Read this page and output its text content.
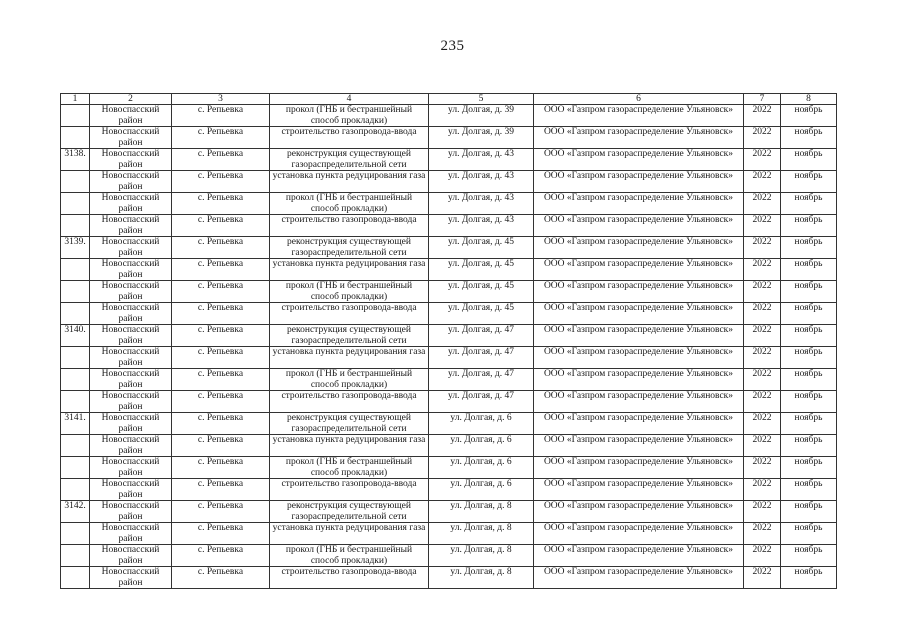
235
1	2	3	4	5	6	7	8
	Новоспасский район	с. Репьевка	прокол (ГНБ и бестраншейный способ прокладки)	ул. Долгая, д. 39	ООО «Газпром газораспределение Ульяновск»	2022	ноябрь
	Новоспасский район	с. Репьевка	строительство газопровода-ввода	ул. Долгая, д. 39	ООО «Газпром газораспределение Ульяновск»	2022	ноябрь
3138.	Новоспасский район	с. Репьевка	реконструкция существующей газораспределительной сети	ул. Долгая, д. 43	ООО «Газпром газораспределение Ульяновск»	2022	ноябрь
	Новоспасский район	с. Репьевка	установка пункта редуцирования газа	ул. Долгая, д. 43	ООО «Газпром газораспределение Ульяновск»	2022	ноябрь
	Новоспасский район	с. Репьевка	прокол (ГНБ и бестраншейный способ прокладки)	ул. Долгая, д. 43	ООО «Газпром газораспределение Ульяновск»	2022	ноябрь
	Новоспасский район	с. Репьевка	строительство газопровода-ввода	ул. Долгая, д. 43	ООО «Газпром газораспределение Ульяновск»	2022	ноябрь
3139.	Новоспасский район	с. Репьевка	реконструкция существующей газораспределительной сети	ул. Долгая, д. 45	ООО «Газпром газораспределение Ульяновск»	2022	ноябрь
	Новоспасский район	с. Репьевка	установка пункта редуцирования газа	ул. Долгая, д. 45	ООО «Газпром газораспределение Ульяновск»	2022	ноябрь
	Новоспасский район	с. Репьевка	прокол (ГНБ и бестраншейный способ прокладки)	ул. Долгая, д. 45	ООО «Газпром газораспределение Ульяновск»	2022	ноябрь
	Новоспасский район	с. Репьевка	строительство газопровода-ввода	ул. Долгая, д. 45	ООО «Газпром газораспределение Ульяновск»	2022	ноябрь
3140.	Новоспасский район	с. Репьевка	реконструкция существующей газораспределительной сети	ул. Долгая, д. 47	ООО «Газпром газораспределение Ульяновск»	2022	ноябрь
	Новоспасский район	с. Репьевка	установка пункта редуцирования газа	ул. Долгая, д. 47	ООО «Газпром газораспределение Ульяновск»	2022	ноябрь
	Новоспасский район	с. Репьевка	прокол (ГНБ и бестраншейный способ прокладки)	ул. Долгая, д. 47	ООО «Газпром газораспределение Ульяновск»	2022	ноябрь
	Новоспасский район	с. Репьевка	строительство газопровода-ввода	ул. Долгая, д. 47	ООО «Газпром газораспределение Ульяновск»	2022	ноябрь
3141.	Новоспасский район	с. Репьевка	реконструкция существующей газораспределительной сети	ул. Долгая, д. 6	ООО «Газпром газораспределение Ульяновск»	2022	ноябрь
	Новоспасский район	с. Репьевка	установка пункта редуцирования газа	ул. Долгая, д. 6	ООО «Газпром газораспределение Ульяновск»	2022	ноябрь
	Новоспасский район	с. Репьевка	прокол (ГНБ и бестраншейный способ прокладки)	ул. Долгая, д. 6	ООО «Газпром газораспределение Ульяновск»	2022	ноябрь
	Новоспасский район	с. Репьевка	строительство газопровода-ввода	ул. Долгая, д. 6	ООО «Газпром газораспределение Ульяновск»	2022	ноябрь
3142.	Новоспасский район	с. Репьевка	реконструкция существующей газораспределительной сети	ул. Долгая, д. 8	ООО «Газпром газораспределение Ульяновск»	2022	ноябрь
	Новоспасский район	с. Репьевка	установка пункта редуцирования газа	ул. Долгая, д. 8	ООО «Газпром газораспределение Ульяновск»	2022	ноябрь
	Новоспасский район	с. Репьевка	прокол (ГНБ и бестраншейный способ прокладки)	ул. Долгая, д. 8	ООО «Газпром газораспределение Ульяновск»	2022	ноябрь
	Новоспасский район	с. Репьевка	строительство газопровода-ввода	ул. Долгая, д. 8	ООО «Газпром газораспределение Ульяновск»	2022	ноябрь
